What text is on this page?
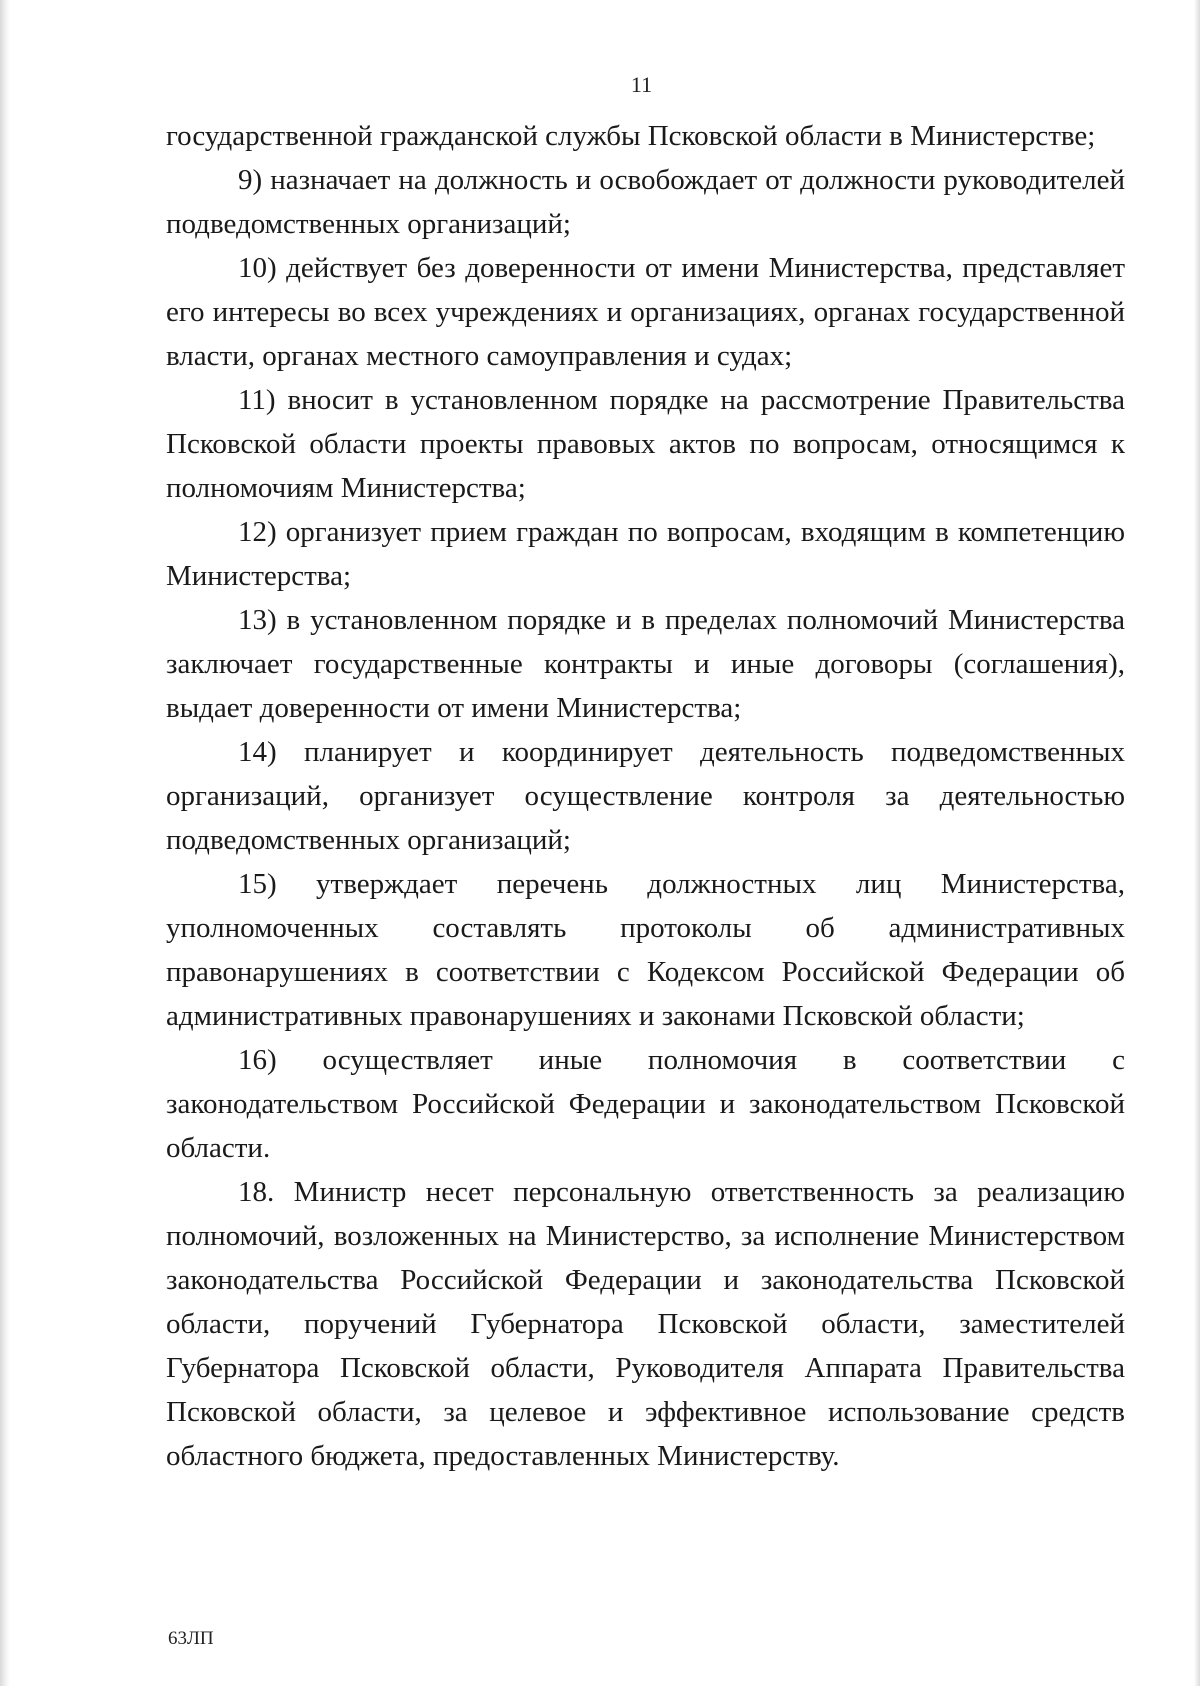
11

государственной гражданской службы Псковской области в Министерстве;

9) назначает на должность и освобождает от должности руководителей подведомственных организаций;

10) действует без доверенности от имени Министерства, представляет его интересы во всех учреждениях и организациях, органах государственной власти, органах местного самоуправления и судах;

11) вносит в установленном порядке на рассмотрение Правительства Псковской области проекты правовых актов по вопросам, относящимся к полномочиям Министерства;

12) организует прием граждан по вопросам, входящим в компетенцию Министерства;

13) в установленном порядке и в пределах полномочий Министерства заключает государственные контракты и иные договоры (соглашения), выдает доверенности от имени Министерства;

14) планирует и координирует деятельность подведомственных организаций, организует осуществление контроля за деятельностью подведомственных организаций;

15) утверждает перечень должностных лиц Министерства, уполномоченных составлять протоколы об административных правонарушениях в соответствии с Кодексом Российской Федерации об административных правонарушениях и законами Псковской области;

16) осуществляет иные полномочия в соответствии с законодательством Российской Федерации и законодательством Псковской области.

18. Министр несет персональную ответственность за реализацию полномочий, возложенных на Министерство, за исполнение Министерством законодательства Российской Федерации и законодательства Псковской области, поручений Губернатора Псковской области, заместителей Губернатора Псковской области, Руководителя Аппарата Правительства Псковской области, за целевое и эффективное использование средств областного бюджета, предоставленных Министерству.

63ЛП
